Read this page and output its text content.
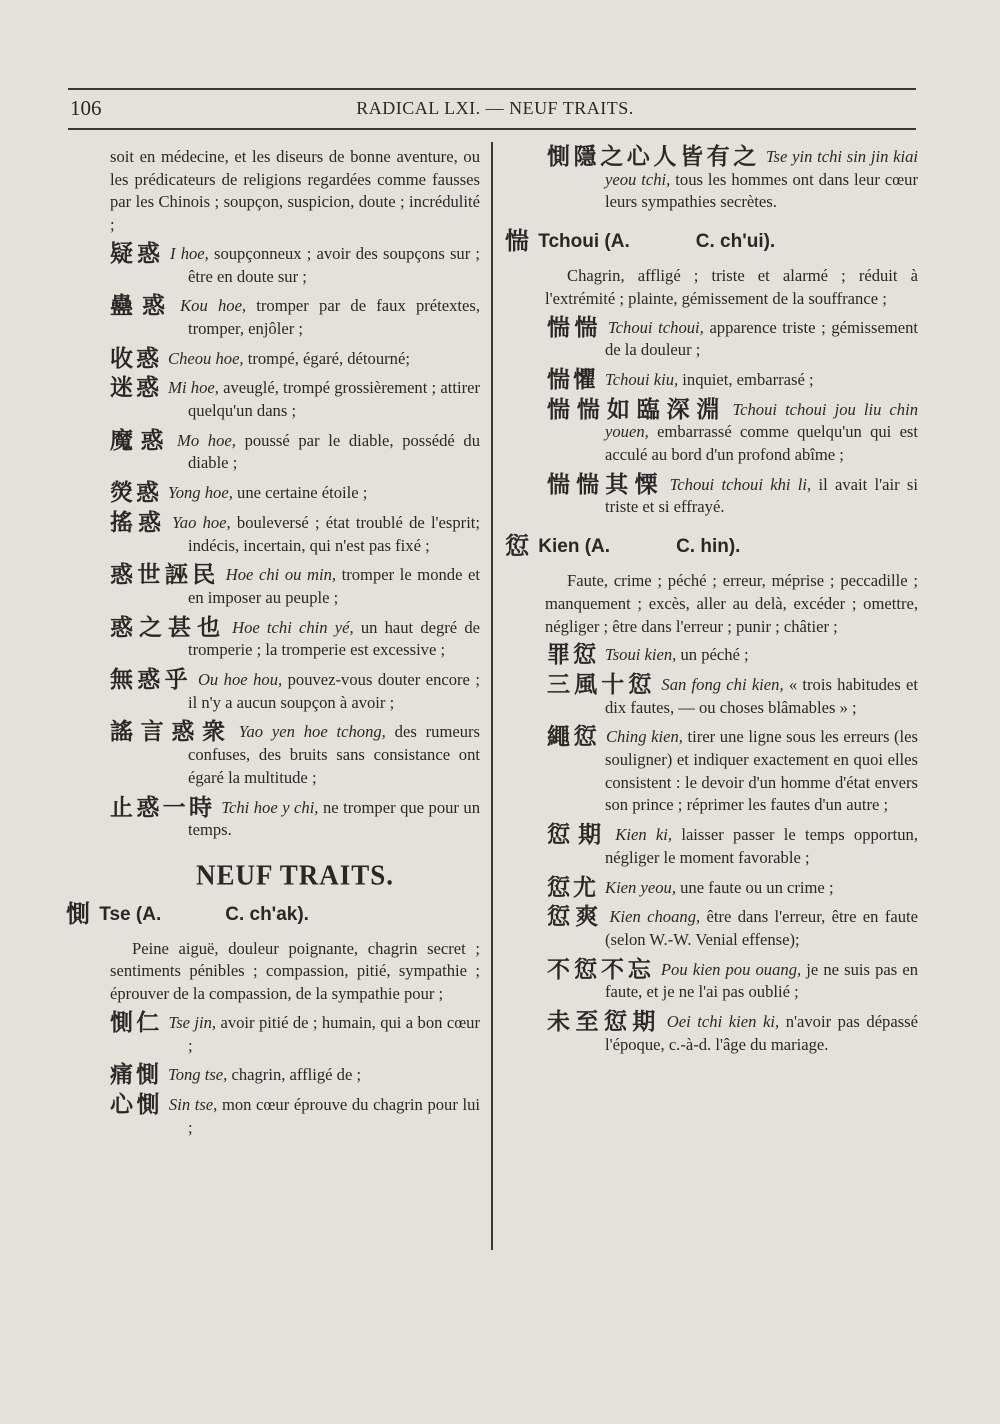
106	RADICAL LXI. — NEUF TRAITS.

soit en médecine, et les diseurs de bonne aventure, ou les prédicateurs de religions regardées comme fausses par les Chinois ; soupçon, suspicion, doute ; incrédulité ;

疑惑 I hoe, soupçonneux ; avoir des soupçons sur ; être en doute sur ;

蠱惑 Kou hoe, tromper par de faux prétextes, tromper, enjôler ;

收惑 Cheou hoe, trompé, égaré, détourné;

迷惑 Mi hoe, aveuglé, trompé grossièrement ; attirer quelqu'un dans ;

魔惑 Mo hoe, poussé par le diable, possédé du diable ;

熒惑 Yong hoe, une certaine étoile ;

搖惑 Yao hoe, bouleversé ; état troublé de l'esprit; indécis, incertain, qui n'est pas fixé ;

惑世誣民 Hoe chi ou min, tromper le monde et en imposer au peuple ;

惑之甚也 Hoe tchi chin yé, un haut degré de tromperie ; la tromperie est excessive ;

無惑乎 Ou hoe hou, pouvez-vous douter encore ; il n'y a aucun soupçon à avoir ;

謠言惑衆 Yao yen hoe tchong, des rumeurs confuses, des bruits sans consistance ont égaré la multitude ;

止惑一時 Tchi hoe y chi, ne tromper que pour un temps.

NEUF TRAITS.
惻 Tse (A.	C. ch'ak).

Peine aiguë, douleur poignante, chagrin secret ; sentiments pénibles ; compassion, pitié, sympathie ; éprouver de la compassion, de la sympathie pour ;

惻仁 Tse jin, avoir pitié de ; humain, qui a bon cœur ;

痛惻 Tong tse, chagrin, affligé de ;

心惻 Sin tse, mon cœur éprouve du chagrin pour lui ;

惻隱之心人皆有之 Tse yin tchi sin jin kiai yeou tchi, tous les hommes ont dans leur cœur leurs sympathies secrètes.

惴 Tchoui (A.	C. ch'ui).

Chagrin, affligé ; triste et alarmé ; réduit à l'extrémité ; plainte, gémissement de la souffrance ;

惴惴 Tchoui tchoui, apparence triste ; gémissement de la douleur ;

惴懼 Tchoui kiu, inquiet, embarrasé ;

惴惴如臨深淵 Tchoui tchoui jou liu chin youen, embarrassé comme quelqu'un qui est acculé au bord d'un profond abîme ;

惴惴其慄 Tchoui tchoui khi li, il avait l'air si triste et si effrayé.

愆 Kien (A.	C. hin).

Faute, crime ; péché ; erreur, méprise ; peccadille ; manquement ; excès, aller au delà, excéder ; omettre, négliger ; être dans l'erreur ; punir ; châtier ;

罪愆 Tsoui kien, un péché ;

三風十愆 San fong chi kien, « trois habitudes et dix fautes, — ou choses blâmables » ;

繩愆 Ching kien, tirer une ligne sous les erreurs (les souligner) et indiquer exactement en quoi elles consistent : le devoir d'un homme d'état envers son prince ; réprimer les fautes d'un autre ;

愆期 Kien ki, laisser passer le temps opportun, négliger le moment favorable ;

愆尤 Kien yeou, une faute ou un crime ;

愆爽 Kien choang, être dans l'erreur, être en faute (selon W.-W. Venial effense);

不愆不忘 Pou kien pou ouang, je ne suis pas en faute, et je ne l'ai pas oublié ;

未至愆期 Oei tchi kien ki, n'avoir pas dépassé l'époque, c.-à-d. l'âge du mariage.
